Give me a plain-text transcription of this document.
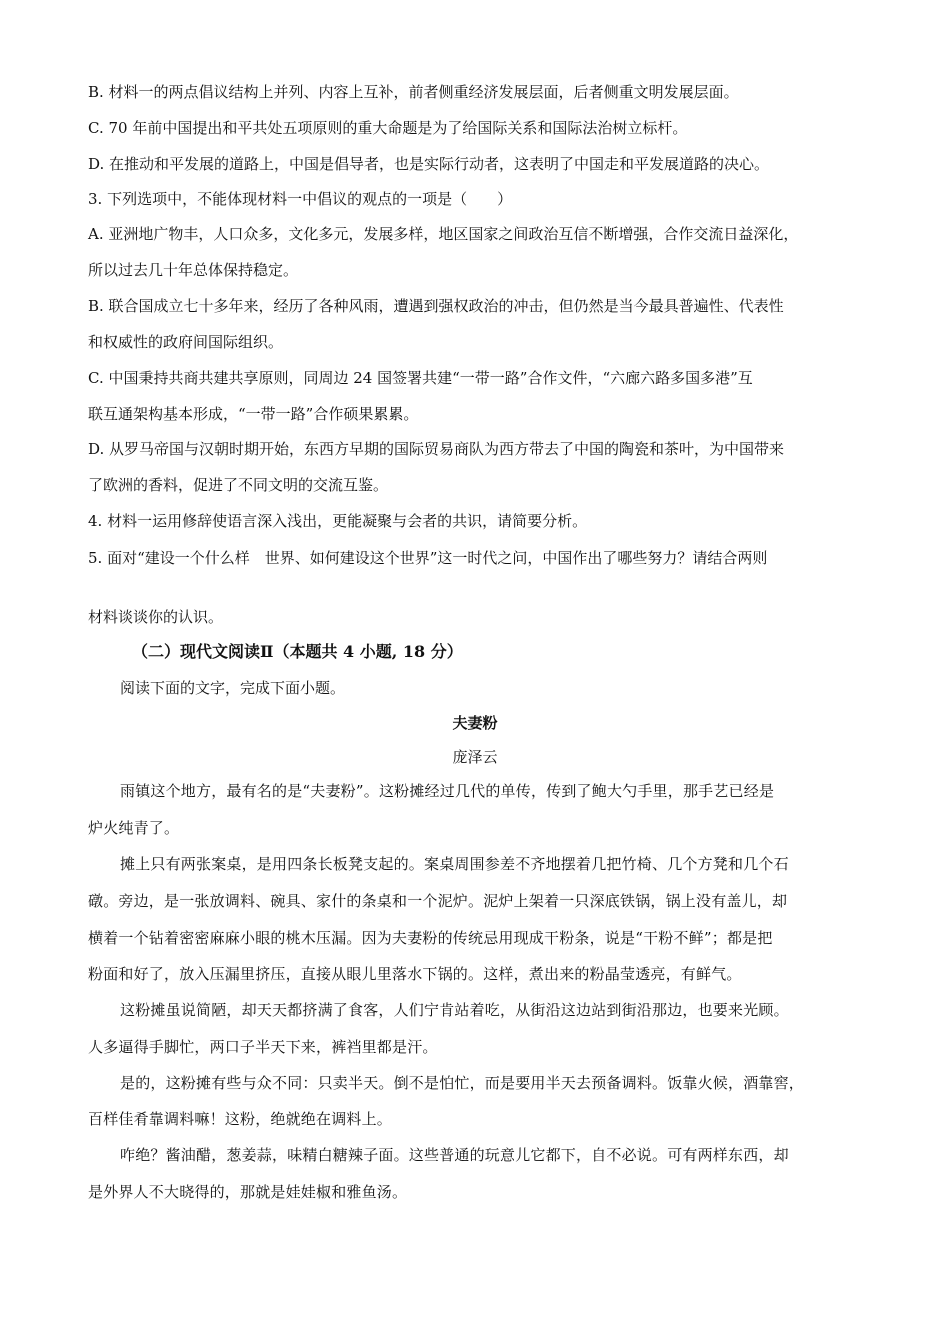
B. 材料一的两点倡议结构上并列、内容上互补，前者侧重经济发展层面，后者侧重文明发展层面。
C. 70 年前中国提出和平共处五项原则的重大命题是为了给国际关系和国际法治树立标杆。
D. 在推动和平发展的道路上，中国是倡导者，也是实际行动者，这表明了中国走和平发展道路的决心。
3. 下列选项中，不能体现材料一中倡议的观点的一项是（　　）
A. 亚洲地广物丰，人口众多，文化多元，发展多样，地区国家之间政治互信不断增强，合作交流日益深化，
所以过去几十年总体保持稳定。
B. 联合国成立七十多年来，经历了各种风雨，遭遇到强权政治的冲击，但仍然是当今最具普遍性、代表性
和权威性的政府间国际组织。
C. 中国秉持共商共建共享原则，同周边 24 国签署共建“一带一路”合作文件，“六廊六路多国多港”互
联互通架构基本形成，“一带一路”合作硕果累累。
D. 从罗马帝国与汉朝时期开始，东西方早期的国际贸易商队为西方带去了中国的陶瓷和茶叶，为中国带来
了欧洲的香料，促进了不同文明的交流互鉴。
4. 材料一运用修辞使语言深入浅出，更能凝聚与会者的共识，请简要分析。
5. 面对“建设一个什么样　世界、如何建设这个世界”这一时代之问，中国作出了哪些努力？请结合两则
材料谈谈你的认识。
（二）现代文阅读Ⅱ（本题共 4 小题, 18 分）
阅读下面的文字，完成下面小题。
夫妻粉
庞泽云
雨镇这个地方，最有名的是“夫妻粉”。这粉摊经过几代的单传，传到了鲍大勺手里，那手艺已经是
炉火纯青了。
摊上只有两张案桌，是用四条长板凳支起的。案桌周围参差不齐地摆着几把竹椅、几个方凳和几个石
礅。旁边，是一张放调料、碗具、家什的条桌和一个泥炉。泥炉上架着一只深底铁锅，锅上没有盖儿，却
横着一个钻着密密麻麻小眼的桃木压漏。因为夫妻粉的传统忌用现成干粉条，说是“干粉不鲜”；都是把
粉面和好了，放入压漏里挤压，直接从眼儿里落水下锅的。这样，煮出来的粉晶莹透亮，有鲜气。
这粉摊虽说简陋，却天天都挤满了食客，人们宁肯站着吃，从街沿这边站到街沿那边，也要来光顾。
人多逼得手脚忙，两口子半天下来，裤裆里都是汗。
是的，这粉摊有些与众不同：只卖半天。倒不是怕忙，而是要用半天去预备调料。饭靠火候，酒靠窖，
百样佳肴靠调料嘛！这粉，绝就绝在调料上。
咋绝？酱油醋，葱姜蒜，味精白糖辣子面。这些普通的玩意儿它都下，自不必说。可有两样东西，却
是外界人不大晓得的，那就是娃娃椒和雅鱼汤。
